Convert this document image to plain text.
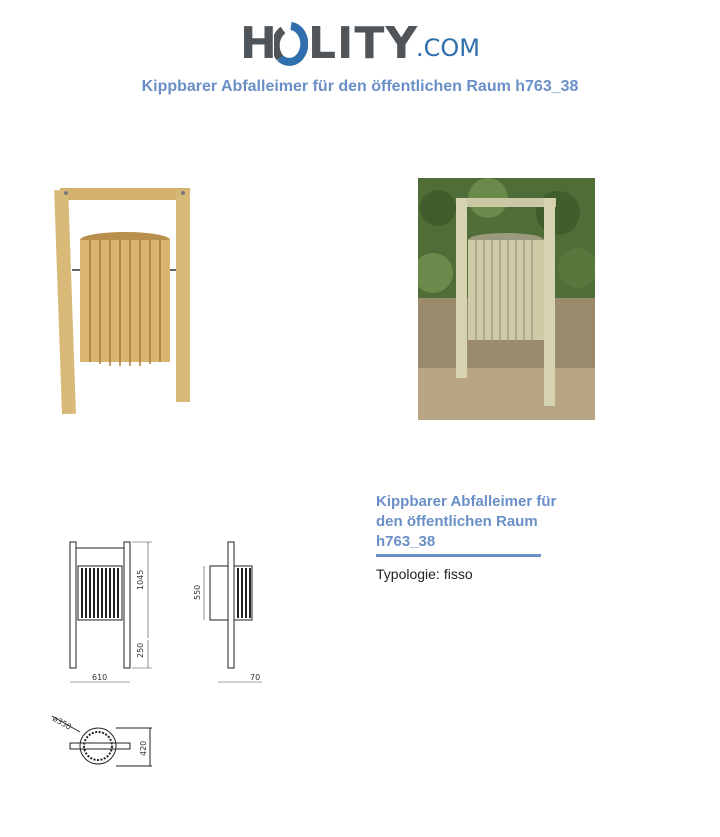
H LITY
.COM
Kippbarer Abfalleimer für den öffentlichen Raum h763_38
Kippbarer Abfalleimer für den öffentlichen Raum h763_38
Typologie: fisso
1045
250
610
550
70
ø350
420
